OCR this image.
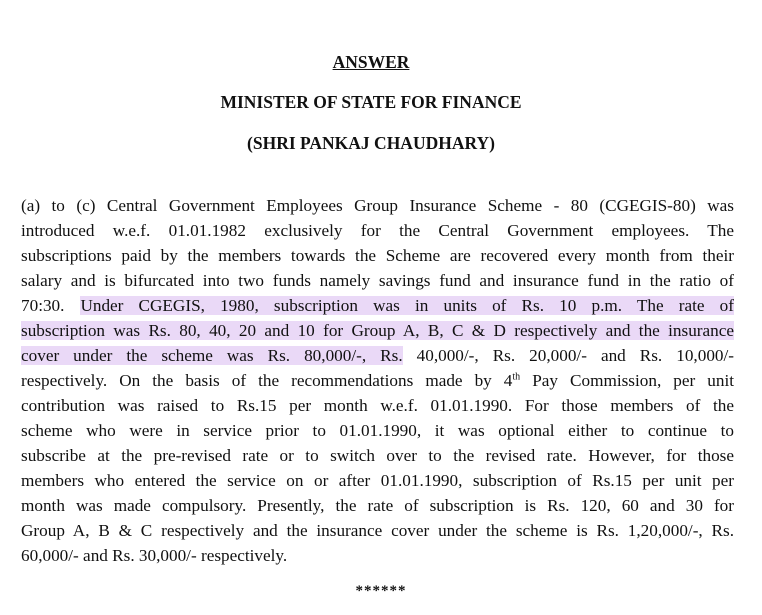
ANSWER
MINISTER OF STATE FOR FINANCE
(SHRI PANKAJ CHAUDHARY)
(a) to (c) Central Government Employees Group Insurance Scheme - 80 (CGEGIS-80) was
introduced w.e.f. 01.01.1982 exclusively for the Central Government employees. The
subscriptions paid by the members towards the Scheme are recovered every month from their
salary and is bifurcated into two funds namely savings fund and insurance fund in the ratio of
70:30. Under CGEGIS, 1980, subscription was in units of Rs. 10 p.m. The rate of
subscription was Rs. 80, 40, 20 and 10 for Group A, B, C & D respectively and the insurance
cover under the scheme was Rs. 80,000/-, Rs. 40,000/-, Rs. 20,000/- and Rs. 10,000/-
respectively. On the basis of the recommendations made by 4th Pay Commission, per unit
contribution was raised to Rs.15 per month w.e.f. 01.01.1990. For those members of the
scheme who were in service prior to 01.01.1990, it was optional either to continue to
subscribe at the pre-revised rate or to switch over to the revised rate. However, for those
members who entered the service on or after 01.01.1990, subscription of Rs.15 per unit per
month was made compulsory. Presently, the rate of subscription is Rs. 120, 60 and 30 for
Group A, B & C respectively and the insurance cover under the scheme is Rs. 1,20,000/-, Rs.
60,000/- and Rs. 30,000/- respectively.
******
